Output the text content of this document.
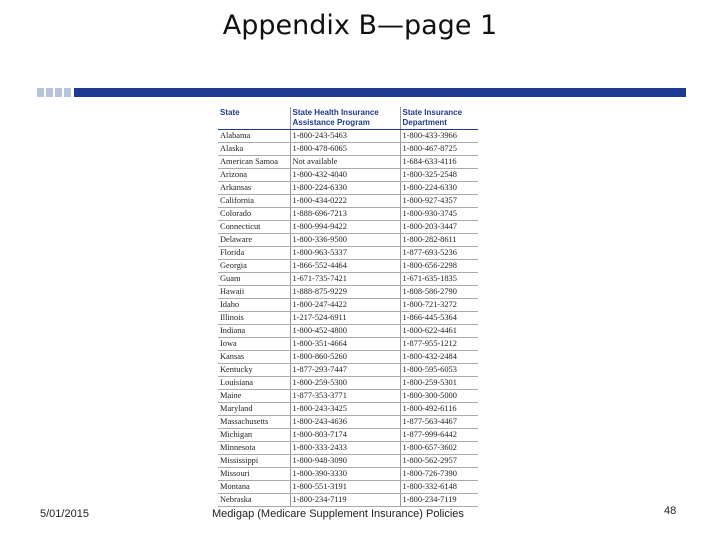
Appendix B—page 1
State	State Health Insurance Assistance Program	State Insurance Department
Alabama	1-800-243-5463	1-800-433-3966
Alaska	1-800-478-6065	1-800-467-8725
American Samoa	Not available	1-684-633-4116
Arizona	1-800-432-4040	1-800-325-2548
Arkansas	1-800-224-6330	1-800-224-6330
California	1-800-434-0222	1-800-927-4357
Colorado	1-888-696-7213	1-800-930-3745
Connecticut	1-800-994-9422	1-800-203-3447
Delaware	1-800-336-9500	1-800-282-8611
Florida	1-800-963-5337	1-877-693-5236
Georgia	1-866-552-4464	1-800-656-2298
Guam	1-671-735-7421	1-671-635-1835
Hawaii	1-888-875-9229	1-808-586-2790
Idaho	1-800-247-4422	1-800-721-3272
Illinois	1-217-524-6911	1-866-445-5364
Indiana	1-800-452-4800	1-800-622-4461
Iowa	1-800-351-4664	1-877-955-1212
Kansas	1-800-860-5260	1-800-432-2484
Kentucky	1-877-293-7447	1-800-595-6053
Louisiana	1-800-259-5300	1-800-259-5301
Maine	1-877-353-3771	1-800-300-5000
Maryland	1-800-243-3425	1-800-492-6116
Massachusetts	1-800-243-4636	1-877-563-4467
Michigan	1-800-803-7174	1-877-999-6442
Minnesota	1-800-333-2433	1-800-657-3602
Mississippi	1-800-948-3090	1-800-562-2957
Missouri	1-800-390-3330	1-800-726-7390
Montana	1-800-551-3191	1-800-332-6148
Nebraska	1-800-234-7119	1-800-234-7119
5/01/2015	Medigap (Medicare Supplement Insurance) Policies	48
